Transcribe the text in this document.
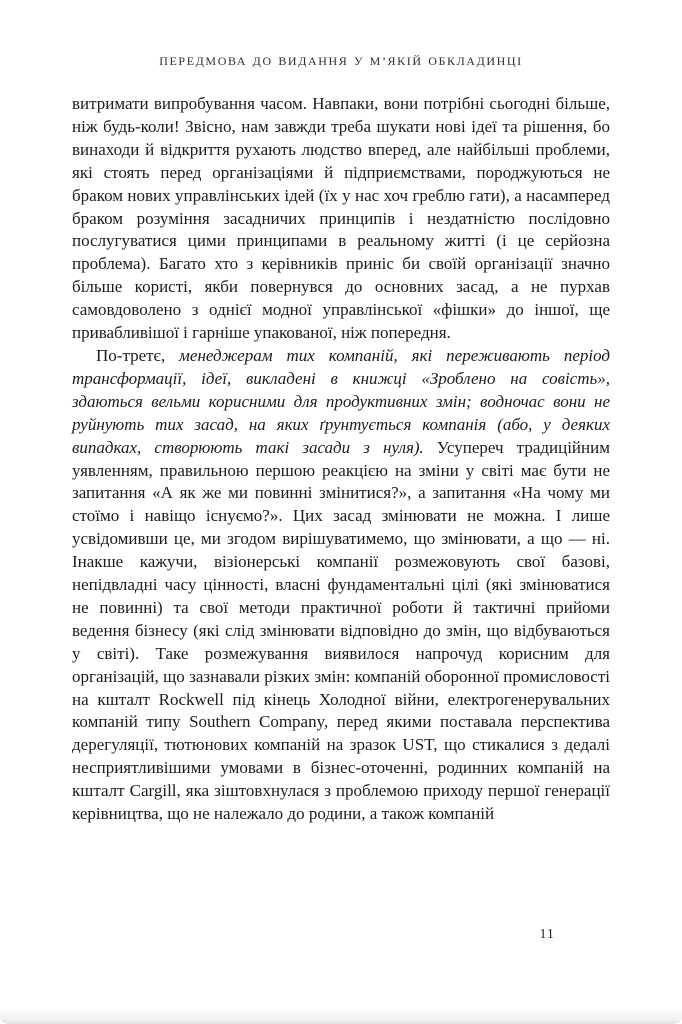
ПЕРЕДМОВА ДО ВИДАННЯ У М’ЯКІЙ ОБКЛАДИНЦІ

витримати випробування часом. Навпаки, вони потрібні сьогодні більше, ніж будь-коли! Звісно, нам завжди треба шукати нові ідеї та рішення, бо винаходи й відкриття рухають людство вперед, але найбільші проблеми, які стоять перед організаціями й підприємствами, породжуються не браком нових управлінських ідей (їх у нас хоч греблю гати), а насамперед браком розуміння засадничих принципів і нездатністю послідовно послугуватися цими принципами в реальному житті (і це серйозна проблема). Багато хто з керівників приніс би своїй організації значно більше користі, якби повернувся до основних засад, а не пурхав самовдоволено з однієї модної управлінської «фішки» до іншої, ще привабливішої і гарніше упакованої, ніж попередня.

По-третє, менеджерам тих компаній, які переживають період трансформації, ідеї, викладені в книжці «Зроблено на совість», здаються вельми корисними для продуктивних змін; водночас вони не руйнують тих засад, на яких ґрунтується компанія (або, у деяких випадках, створюють такі засади з нуля). Усупереч традиційним уявленням, правильною першою реакцією на зміни у світі має бути не запитання «А як же ми повинні змінитися?», а запитання «На чому ми стоїмо і навіщо існуємо?». Цих засад змінювати не можна. І лише усвідомивши це, ми згодом вирішуватимемо, що змінювати, а що — ні. Інакше кажучи, візіонерські компанії розмежовують свої базові, непідвладні часу цінності, власні фундаментальні цілі (які змінюватися не повинні) та свої методи практичної роботи й тактичні прийоми ведення бізнесу (які слід змінювати відповідно до змін, що відбуваються у світі). Таке розмежування виявилося напрочуд корисним для організацій, що зазнавали різких змін: компаній оборонної промисловості на кшталт Rockwell під кінець Холодної війни, електрогенерувальних компаній типу Southern Company, перед якими поставала перспектива дерегуляції, тютюнових компаній на зразок UST, що стикалися з дедалі несприятливішими умовами в бізнес-оточенні, родинних компаній на кшталт Cargill, яка зіштовхнулася з проблемою приходу першої генерації керівництва, що не належало до родини, а також компаній

11
